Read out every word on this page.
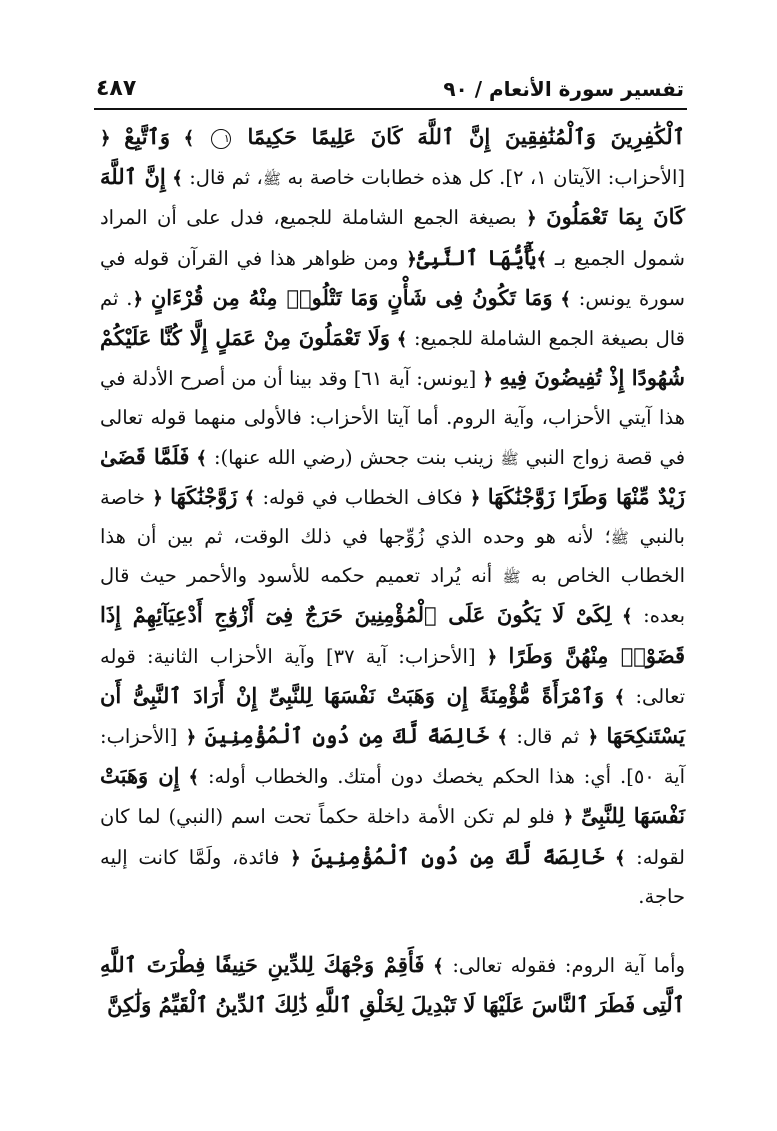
تفسير سورة الأنعام / ٩٠
٤٨٧

ٱلْكَٰفِرِينَ وَٱلْمُنَٰفِقِينَ إِنَّ ٱللَّهَ كَانَ عَلِيمًا حَكِيمًا ١ ﴾ وَٱتَّبِعْ ﴿ [الأحزاب: الآيتان ١، ٢]. كل هذه خطابات خاصة به ﷺ، ثم قال: ﴾ إِنَّ ٱللَّهَ كَانَ بِمَا تَعْمَلُونَ ﴿ بصيغة الجمع الشاملة للجميع، فدل على أن المراد شمول الجميع بـ ﴾يَٰٓأَيُّهَا ٱلنَّبِىُّ﴿ ومن ظواهر هذا في القرآن قوله في سورة يونس: ﴾ وَمَا تَكُونُ فِى شَأْنٍ وَمَا تَتْلُوا۟ مِنْهُ مِن قُرْءَانٍ ﴿. ثم قال بصيغة الجمع الشاملة للجميع: ﴾ وَلَا تَعْمَلُونَ مِنْ عَمَلٍ إِلَّا كُنَّا عَلَيْكُمْ شُهُودًا إِذْ تُفِيضُونَ فِيهِ ﴿ [يونس: آية ٦١] وقد بينا أن من أصرح الأدلة في هذا آيتي الأحزاب، وآية الروم. أما آيتا الأحزاب: فالأولى منهما قوله تعالى في قصة زواج النبي ﷺ زينب بنت جحش (رضي الله عنها): ﴾ فَلَمَّا قَضَىٰ زَيْدٌ مِّنْهَا وَطَرًا زَوَّجْنَٰكَهَا ﴿ فكاف الخطاب في قوله: ﴾ زَوَّجْنَٰكَهَا ﴿ خاصة بالنبي ﷺ؛ لأنه هو وحده الذي زُوِّجها في ذلك الوقت، ثم بين أن هذا الخطاب الخاص به ﷺ أنه يُراد تعميم حكمه للأسود والأحمر حيث قال بعده: ﴾ لِكَىْ لَا يَكُونَ عَلَى ٱلْمُؤْمِنِينَ حَرَجٌ فِىٓ أَزْوَٰجِ أَدْعِيَآئِهِمْ إِذَا قَضَوْا۟ مِنْهُنَّ وَطَرًا ﴿ [الأحزاب: آية ٣٧] وآية الأحزاب الثانية: قوله تعالى: ﴾ وَٱمْرَأَةً مُّؤْمِنَةً إِن وَهَبَتْ نَفْسَهَا لِلنَّبِىِّ إِنْ أَرَادَ ٱلنَّبِىُّ أَن يَسْتَنكِحَهَا ﴿ ثم قال: ﴾ خَالِصَةً لَّكَ مِن دُونِ ٱلْمُؤْمِنِينَ ﴿ [الأحزاب: آية ٥٠]. أي: هذا الحكم يخصك دون أمتك. والخطاب أوله: ﴾ إِن وَهَبَتْ نَفْسَهَا لِلنَّبِىِّ ﴿ فلو لم تكن الأمة داخلة حكماً تحت اسم (النبي) لما كان لقوله: ﴾ خَالِصَةً لَّكَ مِن دُونِ ٱلْمُؤْمِنِينَ ﴿ فائدة، ولَمَّا كانت إليه حاجة.

وأما آية الروم: فقوله تعالى: ﴾ فَأَقِمْ وَجْهَكَ لِلدِّينِ حَنِيفًا فِطْرَتَ ٱللَّهِ ٱلَّتِى فَطَرَ ٱلنَّاسَ عَلَيْهَا لَا تَبْدِيلَ لِخَلْقِ ٱللَّهِ ذَٰلِكَ ٱلدِّينُ ٱلْقَيِّمُ وَلَٰكِنَّ
